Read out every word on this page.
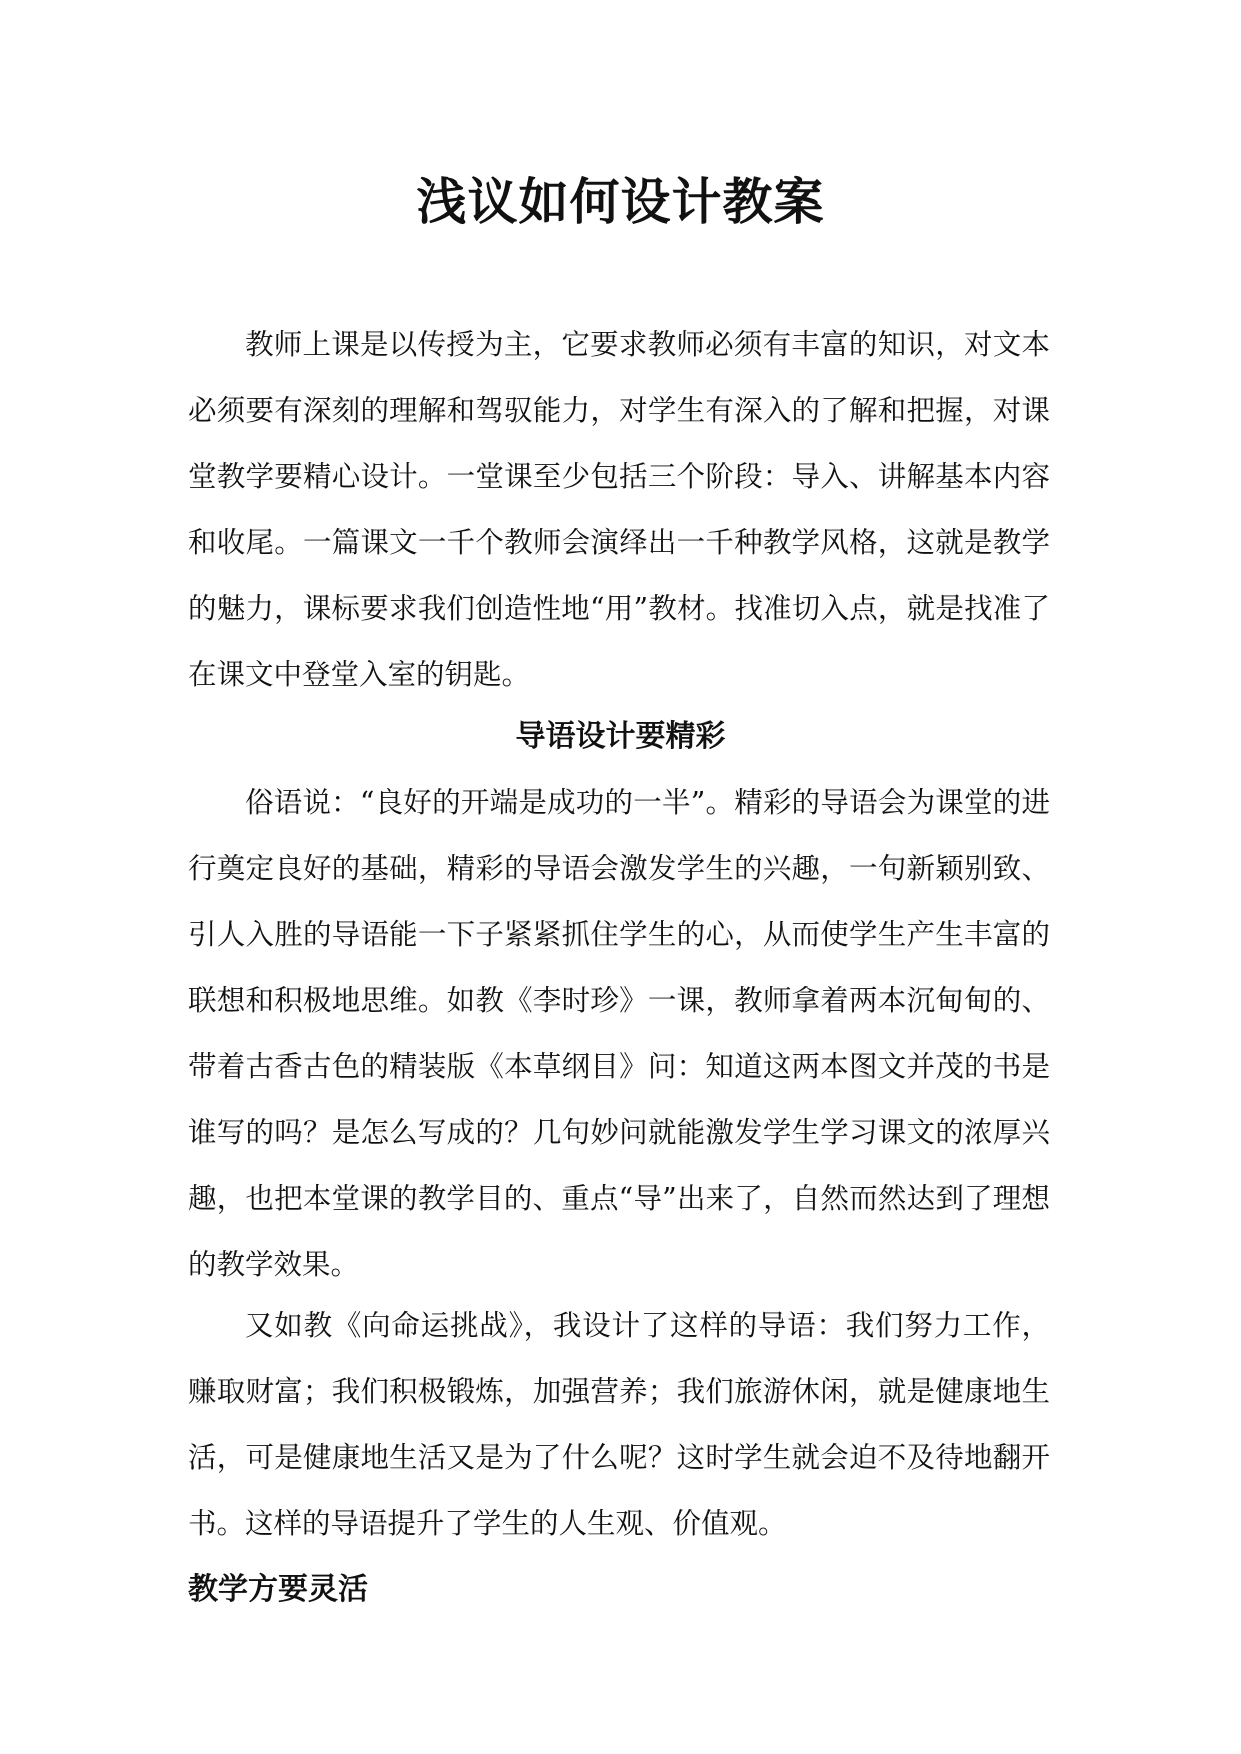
浅议如何设计教案

教师上课是以传授为主，它要求教师必须有丰富的知识，对文本必须要有深刻的理解和驾驭能力，对学生有深入的了解和把握，对课堂教学要精心设计。一堂课至少包括三个阶段：导入、讲解基本内容和收尾。一篇课文一千个教师会演绎出一千种教学风格，这就是教学的魅力，课标要求我们创造性地“用”教材。找准切入点，就是找准了在课文中登堂入室的钥匙。

导语设计要精彩

俗语说：“良好的开端是成功的一半”。精彩的导语会为课堂的进行奠定良好的基础，精彩的导语会激发学生的兴趣，一句新颖别致、引人入胜的导语能一下子紧紧抓住学生的心，从而使学生产生丰富的联想和积极地思维。如教《李时珍》一课，教师拿着两本沉甸甸的、带着古香古色的精装版《本草纲目》问：知道这两本图文并茂的书是谁写的吗？是怎么写成的？几句妙问就能激发学生学习课文的浓厚兴趣，也把本堂课的教学目的、重点“导”出来了，自然而然达到了理想的教学效果。

又如教《向命运挑战》，我设计了这样的导语：我们努力工作，赚取财富；我们积极锻炼，加强营养；我们旅游休闲，就是健康地生活，可是健康地生活又是为了什么呢？这时学生就会迫不及待地翻开书。这样的导语提升了学生的人生观、价值观。

教学方要灵活
